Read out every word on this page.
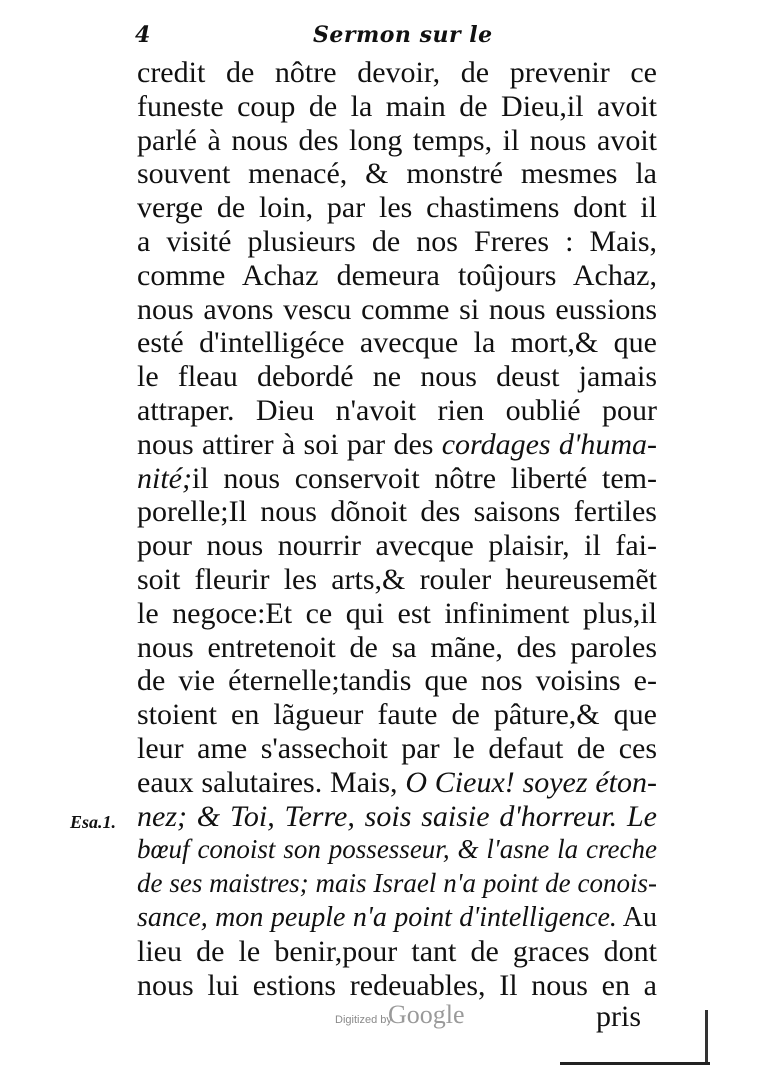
4	Sermon sur le
credit de nôtre devoir, de prevenir ce
funeste coup de la main de Dieu,il avoit
parlé à nous des long temps, il nous avoit
souvent menacé, & monstré mesmes la
verge de loin, par les chastimens dont il
a visité plusieurs de nos Freres : Mais,
comme Achaz demeura toûjours Achaz,
nous avons vescu comme si nous eussions
esté d'intelligéce avecque la mort,& que
le fleau debordé ne nous deust jamais
attraper. Dieu n'avoit rien oublié pour
nous attirer à soi par des cordages d'huma-
nité;il nous conservoit nôtre liberté tem-
porelle;Il nous dõnoit des saisons fertiles
pour nous nourrir avecque plaisir, il fai-
soit fleurir les arts,& rouler heureusemẽt
le negoce:Et ce qui est infiniment plus,il
nous entretenoit de sa mãne, des paroles
de vie éternelle;tandis que nos voisins e-
stoient en lãgueur faute de pâture,& que
leur ame s'assechoit par le defaut de ces
eaux salutaires. Mais, O Cieux! soyez éton-
nez; & Toi, Terre, sois saisie d'horreur. Le
bœuf conoist son possesseur, & l'asne la creche
de ses maistres; mais Israel n'a point de conois-
sance, mon peuple n'a point d'intelligence. Au
lieu de le benir,pour tant de graces dont
nous lui estions redeuables, Il nous en a
Esa.1.
Digitized by
Google	pris
